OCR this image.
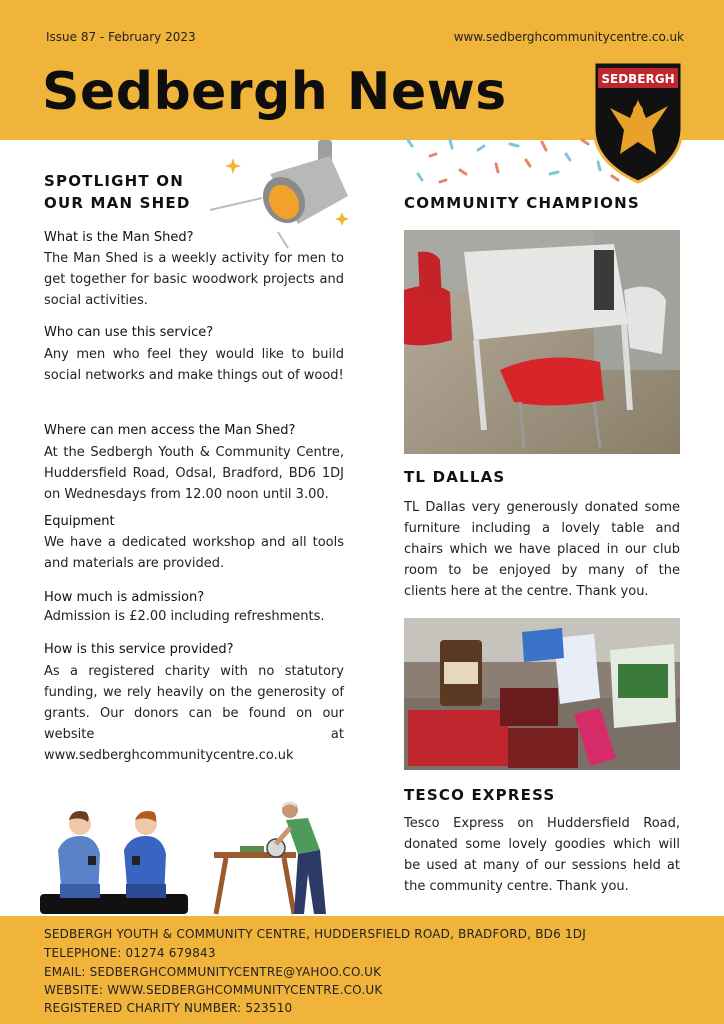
Issue 87 - February 2023	www.sedberghcommunitycentre.co.uk
Sedbergh News	SEDBERGH
SPOTLIGHT ON
OUR MAN SHED
What is the Man Shed?
The Man Shed is a weekly activity for men to get together for basic woodwork projects and social activities.
Who can use this service?
Any men who feel they would like to build social networks and make things out of wood!
Where can men access the Man Shed?
At the Sedbergh Youth & Community Centre, Huddersfield Road, Odsal, Bradford, BD6 1DJ on Wednesdays from 12.00 noon until 3.00.
Equipment
We have a dedicated workshop and all tools and materials are provided.
How much is admission?
Admission is £2.00 including refreshments.
How is this service provided?
As a registered charity with no statutory funding, we rely heavily on the generosity of grants. Our donors can be found on our website at www.sedberghcommunitycentre.co.uk
COMMUNITY CHAMPIONS
TL DALLAS
TL Dallas very generously donated some furniture including a lovely table and chairs which we have placed in our club room to be enjoyed by many of the clients here at the centre. Thank you.
TESCO EXPRESS
Tesco Express on Huddersfield Road, donated some lovely goodies which will be used at many of our sessions held at the community centre. Thank you.
SEDBERGH YOUTH & COMMUNITY CENTRE, HUDDERSFIELD ROAD, BRADFORD, BD6 1DJ
TELEPHONE: 01274 679843
EMAIL: SEDBERGHCOMMUNITYCENTRE@YAHOO.CO.UK
WEBSITE: WWW.SEDBERGHCOMMUNITYCENTRE.CO.UK
REGISTERED CHARITY NUMBER: 523510
